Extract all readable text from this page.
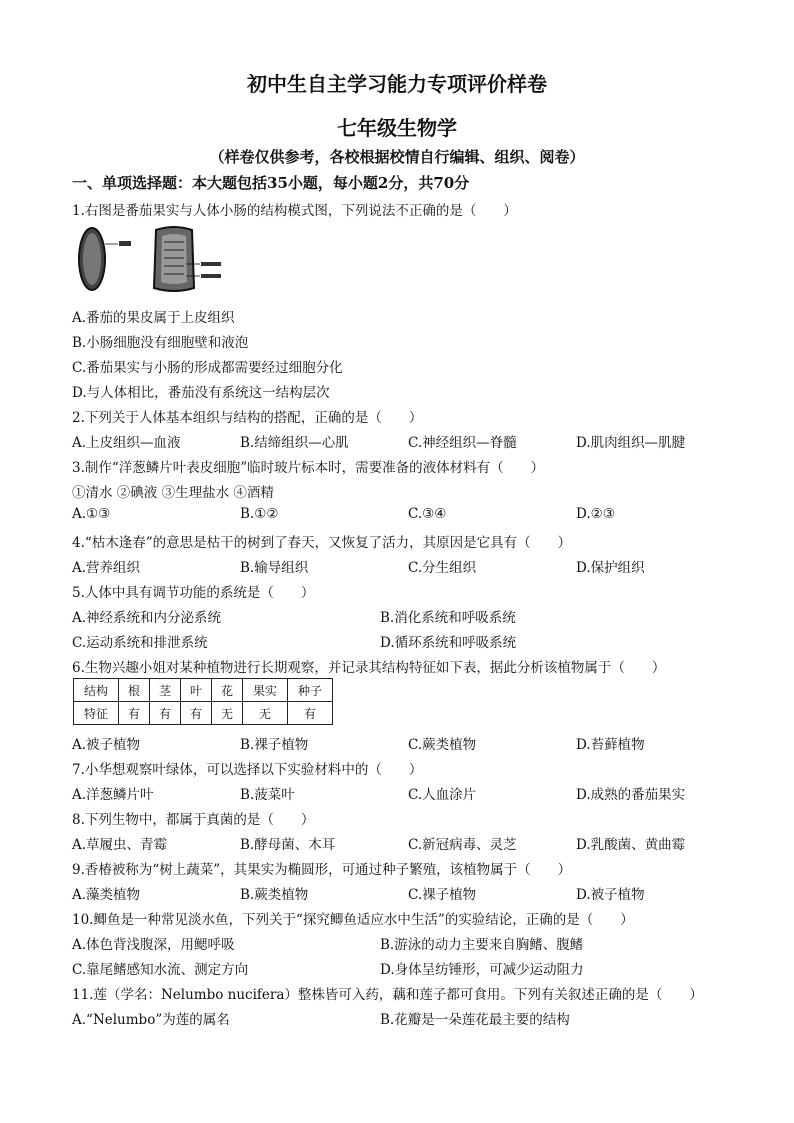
初中生自主学习能力专项评价样卷
七年级生物学
（样卷仅供参考，各校根据校情自行编辑、组织、阅卷）
一、单项选择题：本大题包括35小题，每小题2分，共70分
1.右图是番茄果实与人体小肠的结构模式图，下列说法不正确的是（　　）
A.番茄的果皮属于上皮组织
B.小肠细胞没有细胞壁和液泡
C.番茄果实与小肠的形成都需要经过细胞分化
D.与人体相比，番茄没有系统这一结构层次
2.下列关于人体基本组织与结构的搭配，正确的是（　　）
A.上皮组织—血液	B.结缔组织—心肌	C.神经组织—脊髓	D.肌肉组织—肌腱
3.制作“洋葱鳞片叶表皮细胞”临时玻片标本时，需要准备的液体材料有（　　）
①清水 ②碘液 ③生理盐水 ④酒精
A.①③	B.①②	C.③④	D.②③
4.“枯木逢春”的意思是枯干的树到了春天，又恢复了活力，其原因是它具有（　　）
A.营养组织	B.输导组织	C.分生组织	D.保护组织
5.人体中具有调节功能的系统是（　　）
A.神经系统和内分泌系统	B.消化系统和呼吸系统
C.运动系统和排泄系统	D.循环系统和呼吸系统
6.生物兴趣小姐对某种植物进行长期观察，并记录其结构特征如下表，据此分析该植物属于（　　）
结构	根	茎	叶	花	果实	种子
特征	有	有	有	无	无	有
A.被子植物	B.裸子植物	C.蕨类植物	D.苔藓植物
7.小华想观察叶绿体，可以选择以下实验材料中的（　　）
A.洋葱鳞片叶	B.菠菜叶	C.人血涂片	D.成熟的番茄果实
8.下列生物中，都属于真菌的是（　　）
A.草履虫、青霉	B.酵母菌、木耳	C.新冠病毒、灵芝	D.乳酸菌、黄曲霉
9.香椿被称为“树上蔬菜”，其果实为椭圆形，可通过种子繁殖，该植物属于（　　）
A.藻类植物	B.蕨类植物	C.裸子植物	D.被子植物
10.鲫鱼是一种常见淡水鱼，下列关于“探究鲫鱼适应水中生活”的实验结论，正确的是（　　）
A.体色背浅腹深，用鳃呼吸	B.游泳的动力主要来自胸鳍、腹鳍
C.靠尾鳍感知水流、测定方向	D.身体呈纺锤形，可减少运动阻力
11.莲（学名：Nelumbo nucifera）整株皆可入药，藕和莲子都可食用。下列有关叙述正确的是（　　）
A.“Nelumbo”为莲的属名	B.花瓣是一朵莲花最主要的结构
